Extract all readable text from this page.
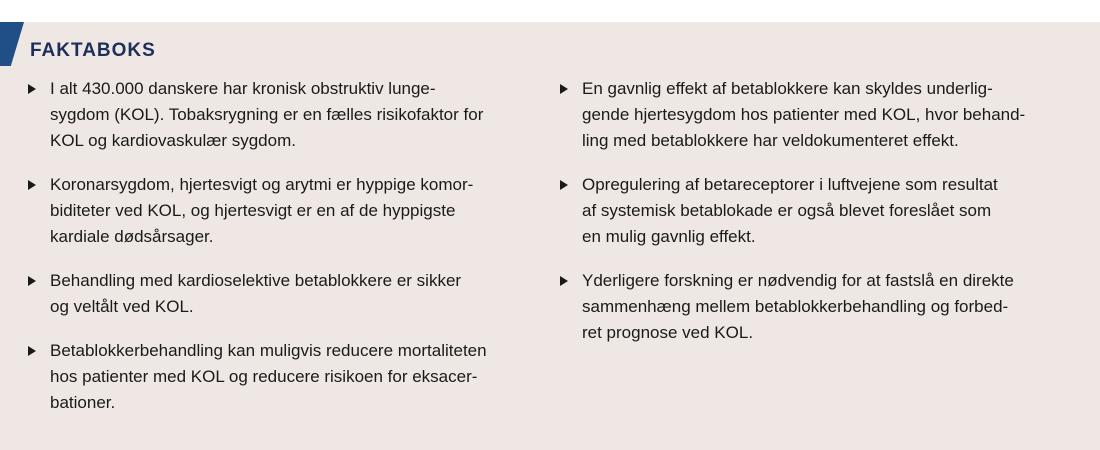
FAKTABOKS
I alt 430.000 danskere har kronisk obstruktiv lunge-
sygdom (KOL). Tobaksrygning er en fælles risikofaktor for
KOL og kardiovaskulær sygdom.
Koronarsygdom, hjertesvigt og arytmi er hyppige komor-
biditeter ved KOL, og hjertesvigt er en af de hyppigste
kardiale dødsårsager.
Behandling med kardioselektive betablokkere er sikker
og veltålt ved KOL.
Betablokkerbehandling kan muligvis reducere mortaliteten
hos patienter med KOL og reducere risikoen for eksacer-
bationer.
En gavnlig effekt af betablokkere kan skyldes underlig-
gende hjertesygdom hos patienter med KOL, hvor behand-
ling med betablokkere har veldokumenteret effekt.
Opregulering af betareceptorer i luftvejene som resultat
af systemisk betablokade er også blevet foreslået som
en mulig gavnlig effekt.
Yderligere forskning er nødvendig for at fastslå en direkte
sammenhæng mellem betablokkerbehandling og forbed-
ret prognose ved KOL.
